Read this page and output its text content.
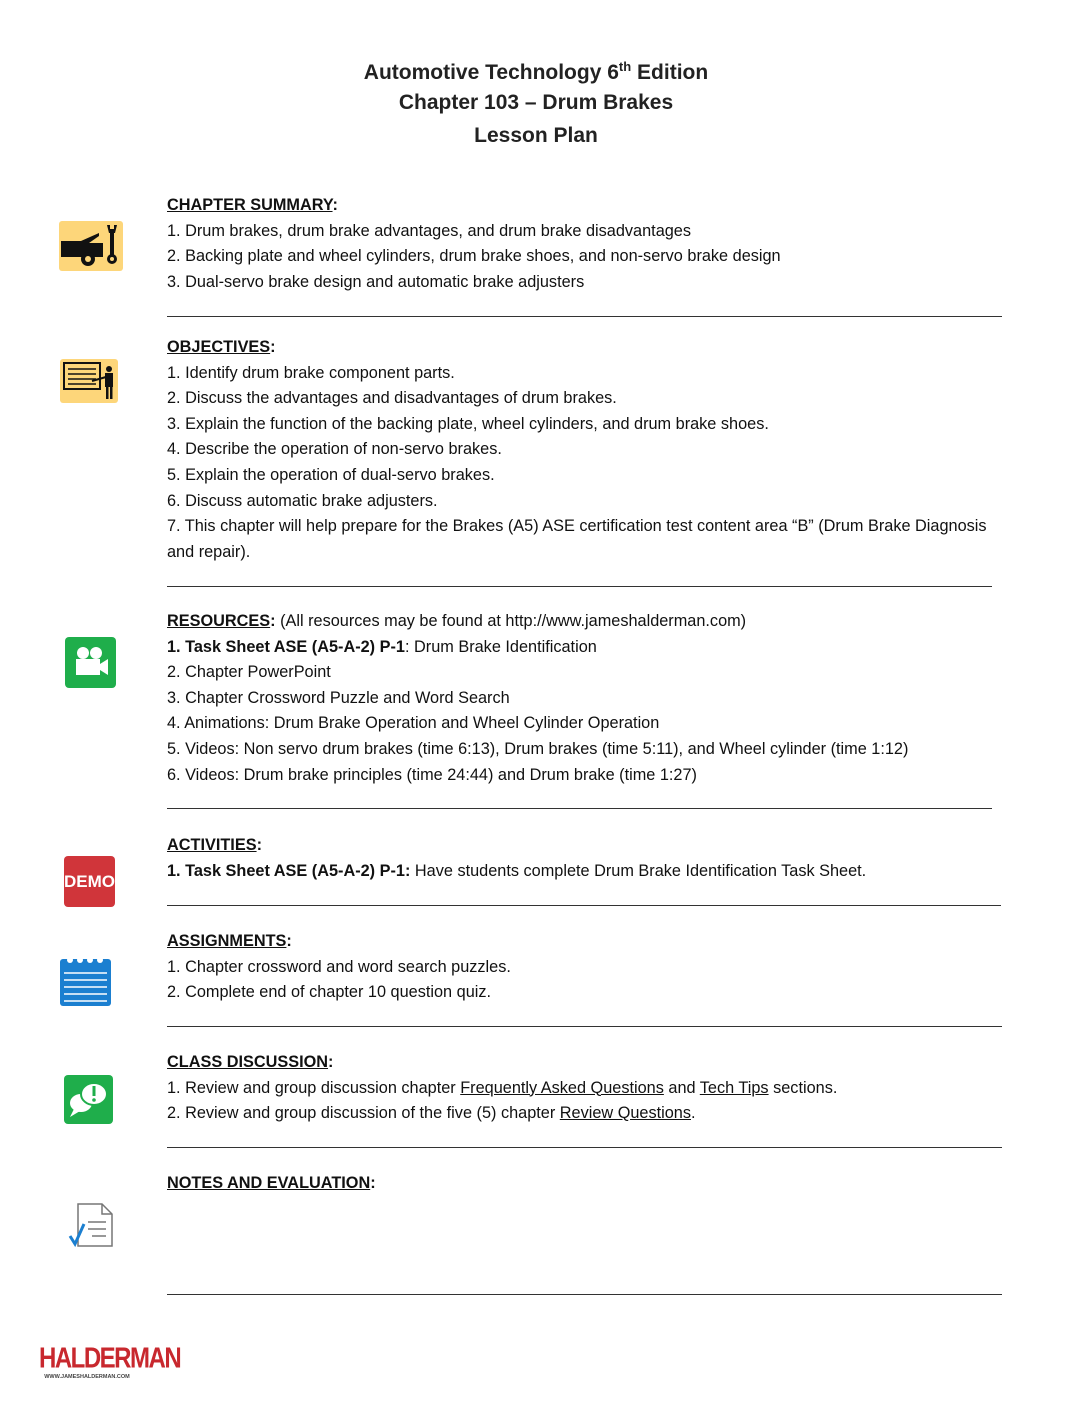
Automotive Technology 6th Edition
Chapter 103 – Drum Brakes
Lesson Plan
CHAPTER SUMMARY:
1. Drum brakes, drum brake advantages, and drum brake disadvantages
2. Backing plate and wheel cylinders, drum brake shoes, and non-servo brake design
3. Dual-servo brake design and automatic brake adjusters
OBJECTIVES:
1. Identify drum brake component parts.
2. Discuss the advantages and disadvantages of drum brakes.
3. Explain the function of the backing plate, wheel cylinders, and drum brake shoes.
4. Describe the operation of non-servo brakes.
5. Explain the operation of dual-servo brakes.
6. Discuss automatic brake adjusters.
7. This chapter will help prepare for the Brakes (A5) ASE certification test content area “B” (Drum Brake Diagnosis and repair).
RESOURCES: (All resources may be found at http://www.jameshalderman.com)
1. Task Sheet ASE (A5-A-2) P-1: Drum Brake Identification
2. Chapter PowerPoint
3. Chapter Crossword Puzzle and Word Search
4. Animations: Drum Brake Operation and Wheel Cylinder Operation
5. Videos: Non servo drum brakes (time 6:13), Drum brakes (time 5:11), and Wheel cylinder (time 1:12)
6. Videos: Drum brake principles (time 24:44) and Drum brake (time 1:27)
DEMO
ACTIVITIES:
1. Task Sheet ASE (A5-A-2) P-1: Have students complete Drum Brake Identification Task Sheet.
ASSIGNMENTS:
1. Chapter crossword and word search puzzles.
2. Complete end of chapter 10 question quiz.
CLASS DISCUSSION:
1. Review and group discussion chapter Frequently Asked Questions and Tech Tips sections.
2. Review and group discussion of the five (5) chapter Review Questions.
NOTES AND EVALUATION:
HALDERMAN
WWW.JAMESHALDERMAN.COM
